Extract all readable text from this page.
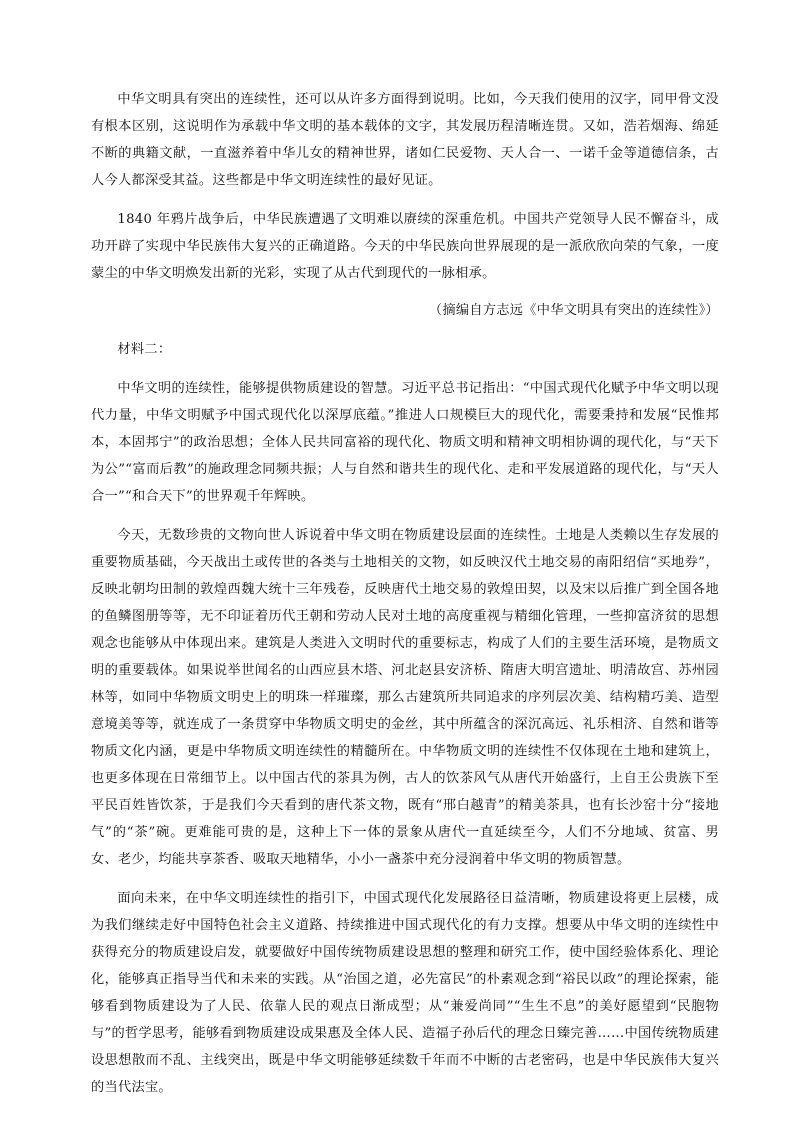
中华文明具有突出的连续性，还可以从许多方面得到说明。比如，今天我们使用的汉字，同甲骨文没有根本区别，这说明作为承载中华文明的基本载体的文字，其发展历程清晰连贯。又如，浩若烟海、绵延不断的典籍文献，一直滋养着中华儿女的精神世界，诸如仁民爱物、天人合一、一诺千金等道德信条，古人今人都深受其益。这些都是中华文明连续性的最好见证。

1840 年鸦片战争后，中华民族遭遇了文明难以赓续的深重危机。中国共产党领导人民不懈奋斗，成功开辟了实现中华民族伟大复兴的正确道路。今天的中华民族向世界展现的是一派欣欣向荣的气象，一度蒙尘的中华文明焕发出新的光彩，实现了从古代到现代的一脉相承。

（摘编自方志远《中华文明具有突出的连续性》）

材料二：

中华文明的连续性，能够提供物质建设的智慧。习近平总书记指出：“中国式现代化赋予中华文明以现代力量，中华文明赋予中国式现代化以深厚底蕴。”推进人口规模巨大的现代化，需要秉持和发展“民惟邦本，本固邦宁”的政治思想；全体人民共同富裕的现代化、物质文明和精神文明相协调的现代化，与“天下为公”“富而后教”的施政理念同频共振；人与自然和谐共生的现代化、走和平发展道路的现代化，与“天人合一”“和合天下”的世界观千年辉映。

今天，无数珍贵的文物向世人诉说着中华文明在物质建设层面的连续性。土地是人类赖以生存发展的重要物质基础，今天战出土或传世的各类与土地相关的文物，如反映汉代土地交易的南阳绍信“买地券”，反映北朝均田制的敦煌西魏大统十三年残卷，反映唐代土地交易的敦煌田契，以及宋以后推广到全国各地的鱼鳞图册等等，无不印证着历代王朝和劳动人民对土地的高度重视与精细化管理，一些抑富济贫的思想观念也能够从中体现出来。建筑是人类进入文明时代的重要标志，构成了人们的主要生活环境，是物质文明的重要载体。如果说举世闻名的山西应县木塔、河北赵县安济桥、隋唐大明宫遗址、明清故宫、苏州园林等，如同中华物质文明史上的明珠一样璀璨，那么古建筑所共同追求的序列层次美、结构精巧美、造型意境美等等，就连成了一条贯穿中华物质文明史的金丝，其中所蕴含的深沉高远、礼乐相济、自然和谐等物质文化内涵，更是中华物质文明连续性的精髓所在。中华物质文明的连续性不仅体现在土地和建筑上，也更多体现在日常细节上。以中国古代的茶具为例，古人的饮茶风气从唐代开始盛行，上自王公贵族下至平民百姓皆饮茶，于是我们今天看到的唐代茶文物，既有“邢白越青”的精美茶具，也有长沙窑十分“接地气”的“茶”碗。更难能可贵的是，这种上下一体的景象从唐代一直延续至今，人们不分地域、贫富、男女、老少，均能共享茶香、吸取天地精华，小小一盏茶中充分浸润着中华文明的物质智慧。

面向未来，在中华文明连续性的指引下，中国式现代化发展路径日益清晰，物质建设将更上层楼，成为我们继续走好中国特色社会主义道路、持续推进中国式现代化的有力支撑。想要从中华文明的连续性中获得充分的物质建设启发，就要做好中国传统物质建设思想的整理和研究工作，使中国经验体系化、理论化，能够真正指导当代和未来的实践。从“治国之道，必先富民”的朴素观念到“裕民以政”的理论探索，能够看到物质建设为了人民、依靠人民的观点日渐成型；从“兼爱尚同”“生生不息”的美好愿望到“民胞物与”的哲学思考，能够看到物质建设成果惠及全体人民、造福子孙后代的理念日臻完善……中国传统物质建设思想散而不乱、主线突出，既是中华文明能够延续数千年而不中断的古老密码，也是中华民族伟大复兴的当代法宝。
